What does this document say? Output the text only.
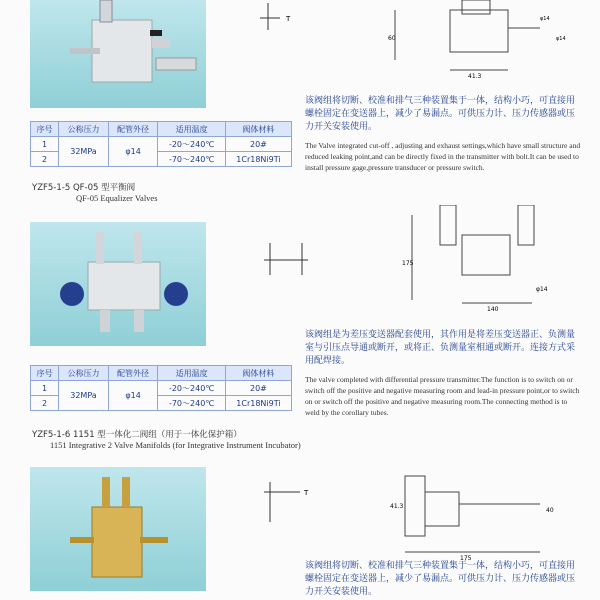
T
60
41.3
φ14
φ14
该阀组将切断、校准和排气三种装置集于一体，结构小巧，可直接用螺栓固定在变送器上，减少了易漏点。可供压力计、压力传感器或压力开关安装使用。
The Valve integrated cut-off , adjusting and exhaust settings,which have small structure and reduced leaking point,and can be directly fixed in the transmitter with bolt.It can be used to install pressure gage,pressure transducer or pressure switch.
序号	公称压力	配管外径	适用温度	阀体材料
1	32MPa	φ14	-20～240℃	20#
2			-70～240℃	1Cr18Ni9Ti
YZF5-1-5 QF-05 型平衡阀
QF-05 Equalizer Valves
175
140
φ14
该阀组是为差压变送器配套使用，其作用是将差压变送器正、负测量室与引压点导通或断开，或将正、负测量室相通或断开。连接方式采用配焊接。
The valve completed with differential pressure transmitter.The function is to switch on or switch off the positive and negative measuring room and lead-in pressure point,or to switch on or switch off the positive and negative measuring room.The connecting method is to weld by the corollary tubes.
序号	公称压力	配管外径	适用温度	阀体材料
1	32MPa	φ14	-20～240℃	20#
2			-70～240℃	1Cr18Ni9Ti
YZF5-1-6 1151 型一体化二阀组（用于一体化保护箱）
1151 Integrative 2 Valve Manifolds (for Integrative Instrument Incubator)
T
175
41.3
40
该阀组将切断、校准和排气三种装置集于一体，结构小巧，可直接用螺栓固定在变送器上，减少了易漏点。可供压力计、压力传感器或压力开关安装使用。
